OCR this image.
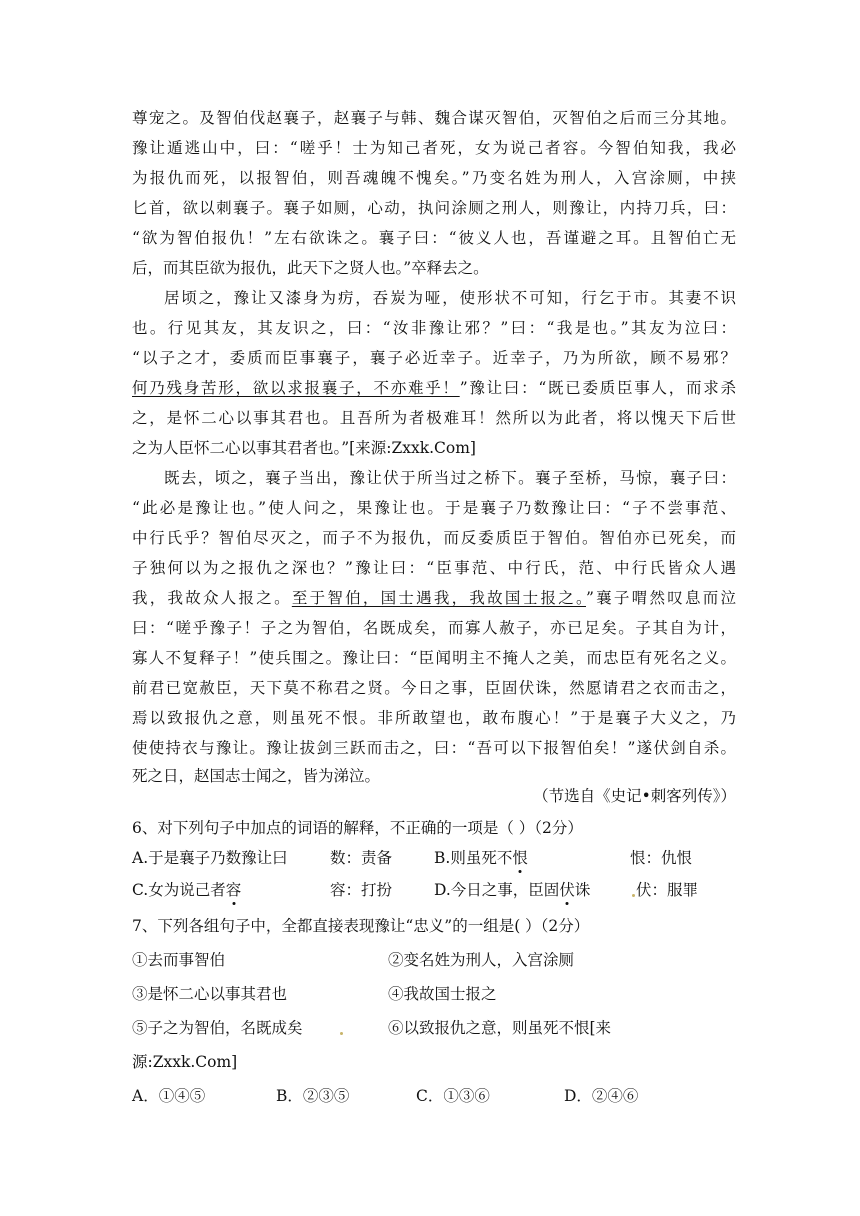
尊宠之。及智伯伐赵襄子，赵襄子与韩、魏合谋灭智伯，灭智伯之后而三分其地。
豫让遁逃山中，曰：“嗟乎！士为知己者死，女为说己者容。今智伯知我，我必
为报仇而死，以报智伯，则吾魂魄不愧矣。”乃变名姓为刑人，入宫涂厕，中挟
匕首，欲以刺襄子。襄子如厕，心动，执问涂厕之刑人，则豫让，内持刀兵，曰：
“欲为智伯报仇！”左右欲诛之。襄子曰：“彼义人也，吾谨避之耳。且智伯亡无
后，而其臣欲为报仇，此天下之贤人也。”卒释去之。
居顷之，豫让又漆身为疠，吞炭为哑，使形状不可知，行乞于市。其妻不识
也。行见其友，其友识之，曰：“汝非豫让邪？”曰：“我是也。”其友为泣曰：
“以子之才，委质而臣事襄子，襄子必近幸子。近幸子，乃为所欲，顾不易邪？
何乃残身苦形，欲以求报襄子，不亦难乎！”豫让曰：“既已委质臣事人，而求杀
之，是怀二心以事其君也。且吾所为者极难耳！然所以为此者，将以愧天下后世
之为人臣怀二心以事其君者也。”[来源:Zxxk.Com]
既去，顷之，襄子当出，豫让伏于所当过之桥下。襄子至桥，马惊，襄子曰：
“此必是豫让也。”使人问之，果豫让也。于是襄子乃数豫让曰：“子不尝事范、
中行氏乎？智伯尽灭之，而子不为报仇，而反委质臣于智伯。智伯亦已死矣，而
子独何以为之报仇之深也？”豫让曰：“臣事范、中行氏，范、中行氏皆众人遇
我，我故众人报之。至于智伯，国士遇我，我故国士报之。”襄子喟然叹息而泣
曰：“嗟乎豫子！子之为智伯，名既成矣，而寡人赦子，亦已足矣。子其自为计，
寡人不复释子！”使兵围之。豫让曰：“臣闻明主不掩人之美，而忠臣有死名之义。
前君已宽赦臣，天下莫不称君之贤。今日之事，臣固伏诛，然愿请君之衣而击之，
焉以致报仇之意，则虽死不恨。非所敢望也，敢布腹心！”于是襄子大义之，乃
使使持衣与豫让。豫让拔剑三跃而击之，曰：“吾可以下报智伯矣！”遂伏剑自杀。
死之日，赵国志士闻之，皆为涕泣。
（节选自《史记•刺客列传》）
6、对下列句子中加点的词语的解释，不正确的一项是（ ）（2分）
A.于是襄子乃数豫让曰	数：责备	B.则虽死不恨	恨：仇恨
C.女为说己者容	容：打扮	D.今日之事，臣固伏诛	伏：服罪
7、下列各组句子中，全都直接表现豫让“忠义”的一组是( ）（2分）
①去而事智伯	②变名姓为刑人，入宫涂厕
③是怀二心以事其君也	④我故国士报之
⑤子之为智伯，名既成矣	⑥以致报仇之意，则虽死不恨[来
源:Zxxk.Com]
A．①④⑤	B．②③⑤	C．①③⑥	D．②④⑥
